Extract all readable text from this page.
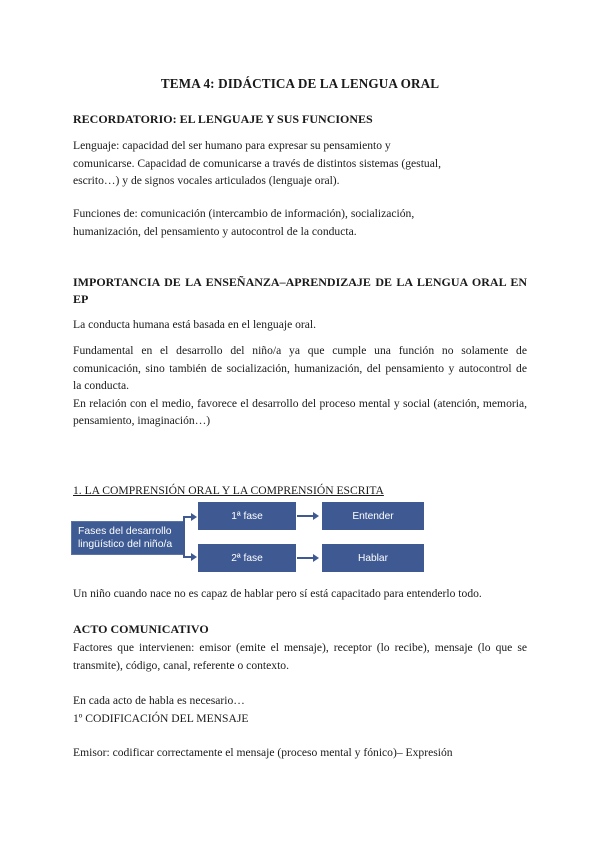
TEMA 4: DIDÁCTICA DE LA LENGUA ORAL
RECORDATORIO: EL LENGUAJE Y SUS FUNCIONES
Lenguaje: capacidad del ser humano para expresar su pensamiento y
comunicarse. Capacidad de comunicarse a través de distintos sistemas (gestual,
escrito…) y de signos vocales articulados (lenguaje oral).
Funciones de: comunicación (intercambio de información), socialización,
humanización, del pensamiento y autocontrol de la conducta.
IMPORTANCIA DE LA ENSEÑANZA–APRENDIZAJE DE LA LENGUA ORAL EN
EP
La conducta humana está basada en el lenguaje oral.
Fundamental en el desarrollo del niño/a ya que cumple una función no solamente de
comunicación, sino también de socialización, humanización, del pensamiento y autocontrol de
la conducta.
En relación con el medio, favorece el desarrollo del proceso mental y social (atención, memoria,
pensamiento, imaginación…)
1. LA COMPRENSIÓN ORAL Y LA COMPRENSIÓN ESCRITA
Fases del desarrollo
lingüístico del niño/a
1ª fase
2ª fase
Entender
Hablar
Un niño cuando nace no es capaz de hablar pero sí está capacitado para entenderlo todo.
ACTO COMUNICATIVO
Factores que intervienen: emisor (emite el mensaje), receptor (lo recibe), mensaje (lo que se
transmite), código, canal, referente o contexto.
En cada acto de habla es necesario…
1º CODIFICACIÓN DEL MENSAJE
Emisor: codificar correctamente el mensaje (proceso mental y fónico)– Expresión
